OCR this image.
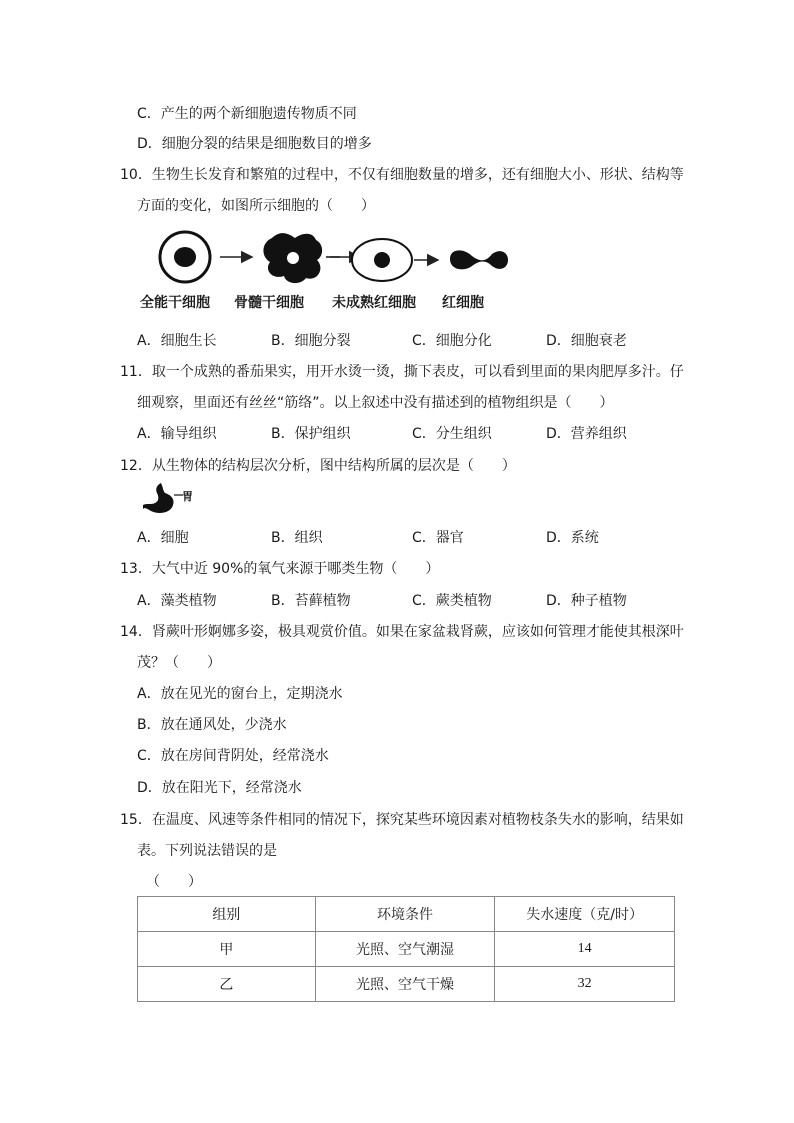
C．产生的两个新细胞遗传物质不同
D．细胞分裂的结果是细胞数目的增多
10．生物生长发育和繁殖的过程中，不仅有细胞数量的增多，还有细胞大小、形状、结构等
方面的变化，如图所示细胞的（　　）
全能干细胞 骨髓干细胞 未成熟红细胞 红细胞
A．细胞生长	B．细胞分裂	C．细胞分化	D．细胞衰老
11．取一个成熟的番茄果实，用开水烫一烫，撕下表皮，可以看到里面的果肉肥厚多汁。仔
细观察，里面还有丝丝“筋络”。以上叙述中没有描述到的植物组织是（　　）
A．输导组织	B．保护组织	C．分生组织	D．营养组织
12．从生物体的结构层次分析，图中结构所属的层次是（　　）
胃
A．细胞	B．组织	C．器官	D．系统
13．大气中近 90%的氧气来源于哪类生物（　　）
A．藻类植物	B．苔藓植物	C．蕨类植物	D．种子植物
14．肾蕨叶形婀娜多姿，极具观赏价值。如果在家盆栽肾蕨，应该如何管理才能使其根深叶
茂？（　　）
A．放在见光的窗台上，定期浇水
B．放在通风处，少浇水
C．放在房间背阴处，经常浇水
D．放在阳光下，经常浇水
15．在温度、风速等条件相同的情况下，探究某些环境因素对植物枝条失水的影响，结果如
表。下列说法错误的是
（　　）
组别	环境条件	失水速度（克/时）
甲	光照、空气潮湿	14
乙	光照、空气干燥	32
